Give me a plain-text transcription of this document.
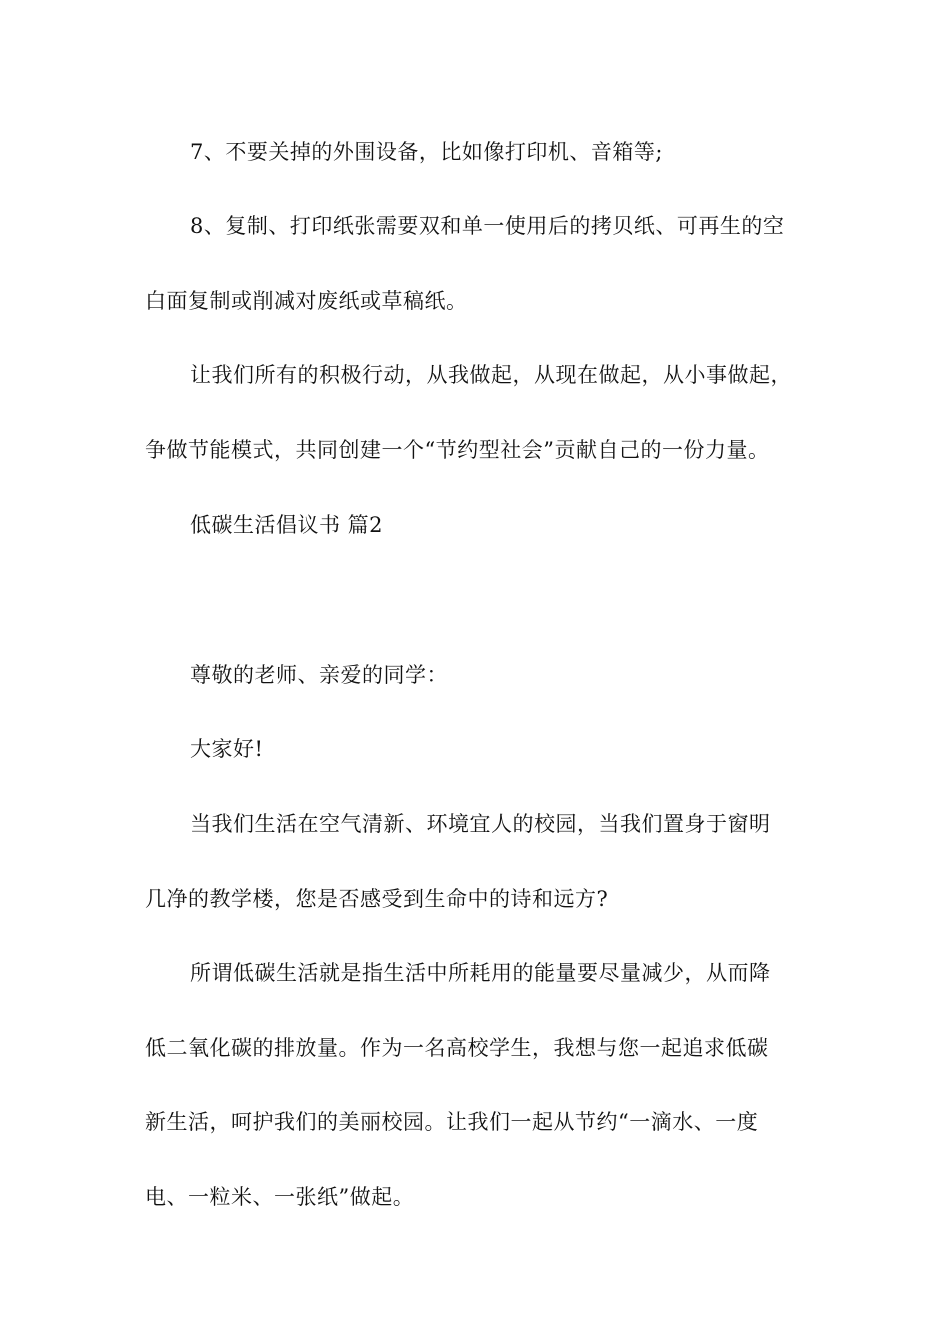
7、不要关掉的外围设备，比如像打印机、音箱等;
8、复制、打印纸张需要双和单一使用后的拷贝纸、可再生的空
白面复制或削减对废纸或草稿纸。
让我们所有的积极行动，从我做起，从现在做起，从小事做起，
争做节能模式，共同创建一个“节约型社会”贡献自己的一份力量。
低碳生活倡议书 篇2
尊敬的老师、亲爱的同学：
大家好!
当我们生活在空气清新、环境宜人的校园，当我们置身于窗明
几净的教学楼，您是否感受到生命中的诗和远方?
所谓低碳生活就是指生活中所耗用的能量要尽量减少，从而降
低二氧化碳的排放量。作为一名高校学生，我想与您一起追求低碳
新生活，呵护我们的美丽校园。让我们一起从节约“一滴水、一度
电、一粒米、一张纸”做起。
